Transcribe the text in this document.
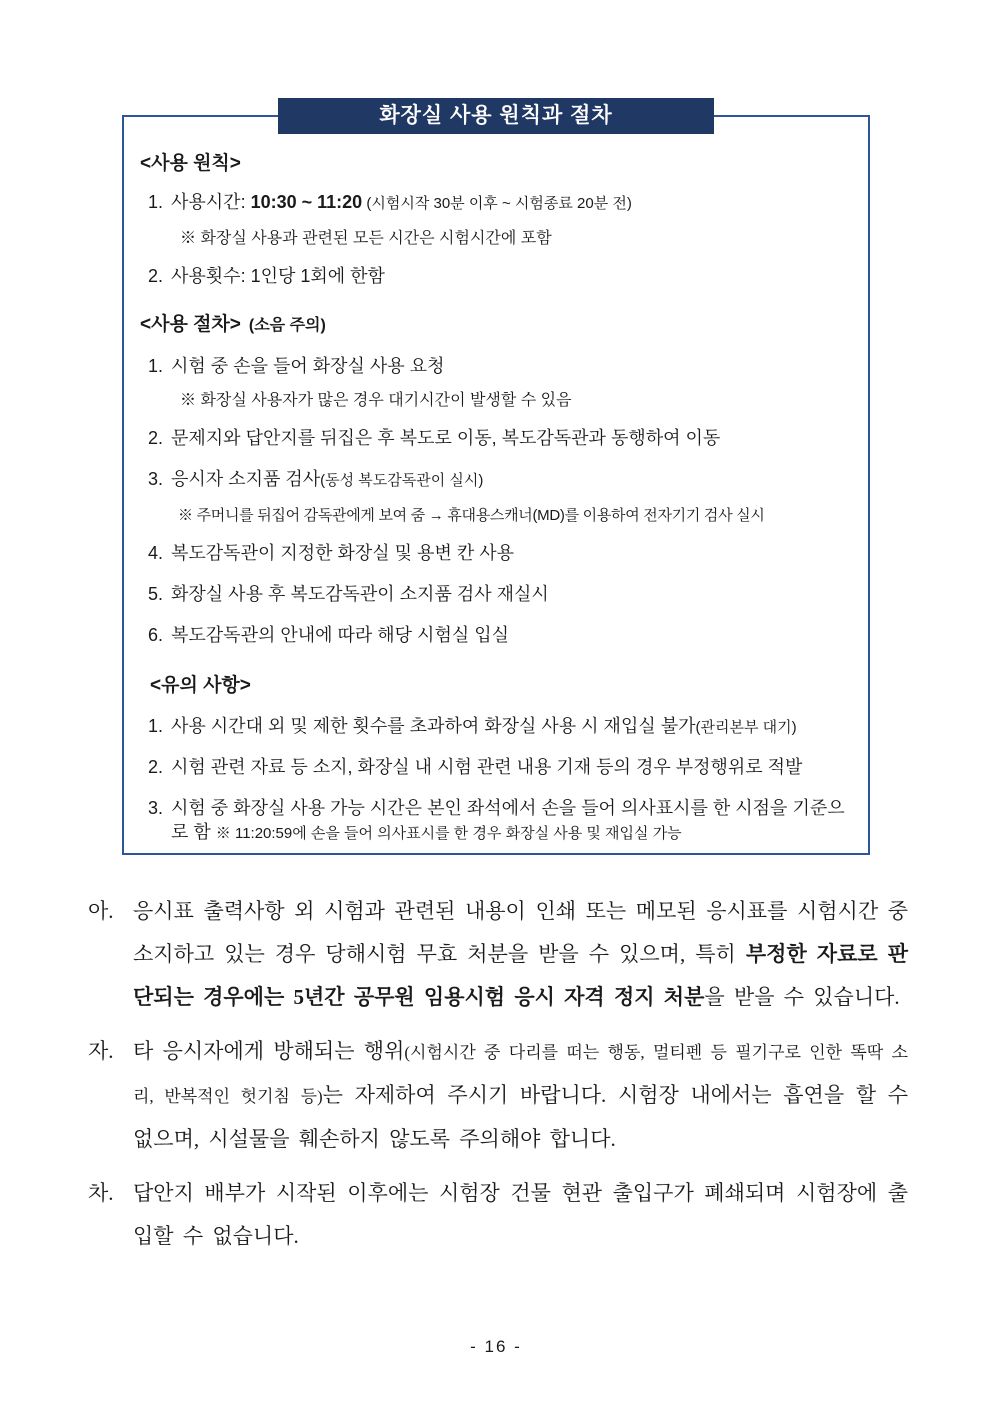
화장실 사용 원칙과 절차
<사용 원칙>
1. 사용시간: 10:30 ~ 11:20 (시험시작 30분 이후 ~ 시험종료 20분 전)
※ 화장실 사용과 관련된 모든 시간은 시험시간에 포함
2. 사용횟수: 1인당 1회에 한함
<사용 절차> (소음 주의)
1. 시험 중 손을 들어 화장실 사용 요청
※ 화장실 사용자가 많은 경우 대기시간이 발생할 수 있음
2. 문제지와 답안지를 뒤집은 후 복도로 이동, 복도감독관과 동행하여 이동
3. 응시자 소지품 검사(동성 복도감독관이 실시)
※ 주머니를 뒤집어 감독관에게 보여 줌 → 휴대용스캐너(MD)를 이용하여 전자기기 검사 실시
4. 복도감독관이 지정한 화장실 및 용변 칸 사용
5. 화장실 사용 후 복도감독관이 소지품 검사 재실시
6. 복도감독관의 안내에 따라 해당 시험실 입실
<유의 사항>
1. 사용 시간대 외 및 제한 횟수를 초과하여 화장실 사용 시 재입실 불가(관리본부 대기)
2. 시험 관련 자료 등 소지, 화장실 내 시험 관련 내용 기재 등의 경우 부정행위로 적발
3. 시험 중 화장실 사용 가능 시간은 본인 좌석에서 손을 들어 의사표시를 한 시점을 기준으로 함 ※ 11:20:59에 손을 들어 의사표시를 한 경우 화장실 사용 및 재입실 가능
아. 응시표 출력사항 외 시험과 관련된 내용이 인쇄 또는 메모된 응시표를 시험시간 중 소지하고 있는 경우 당해시험 무효 처분을 받을 수 있으며, 특히 부정한 자료로 판단되는 경우에는 5년간 공무원 임용시험 응시 자격 정지 처분을 받을 수 있습니다.
자. 타 응시자에게 방해되는 행위(시험시간 중 다리를 떠는 행동, 멀티펜 등 필기구로 인한 똑딱 소리, 반복적인 헛기침 등)는 자제하여 주시기 바랍니다. 시험장 내에서는 흡연을 할 수 없으며, 시설물을 훼손하지 않도록 주의해야 합니다.
차. 답안지 배부가 시작된 이후에는 시험장 건물 현관 출입구가 폐쇄되며 시험장에 출입할 수 없습니다.
- 16 -
